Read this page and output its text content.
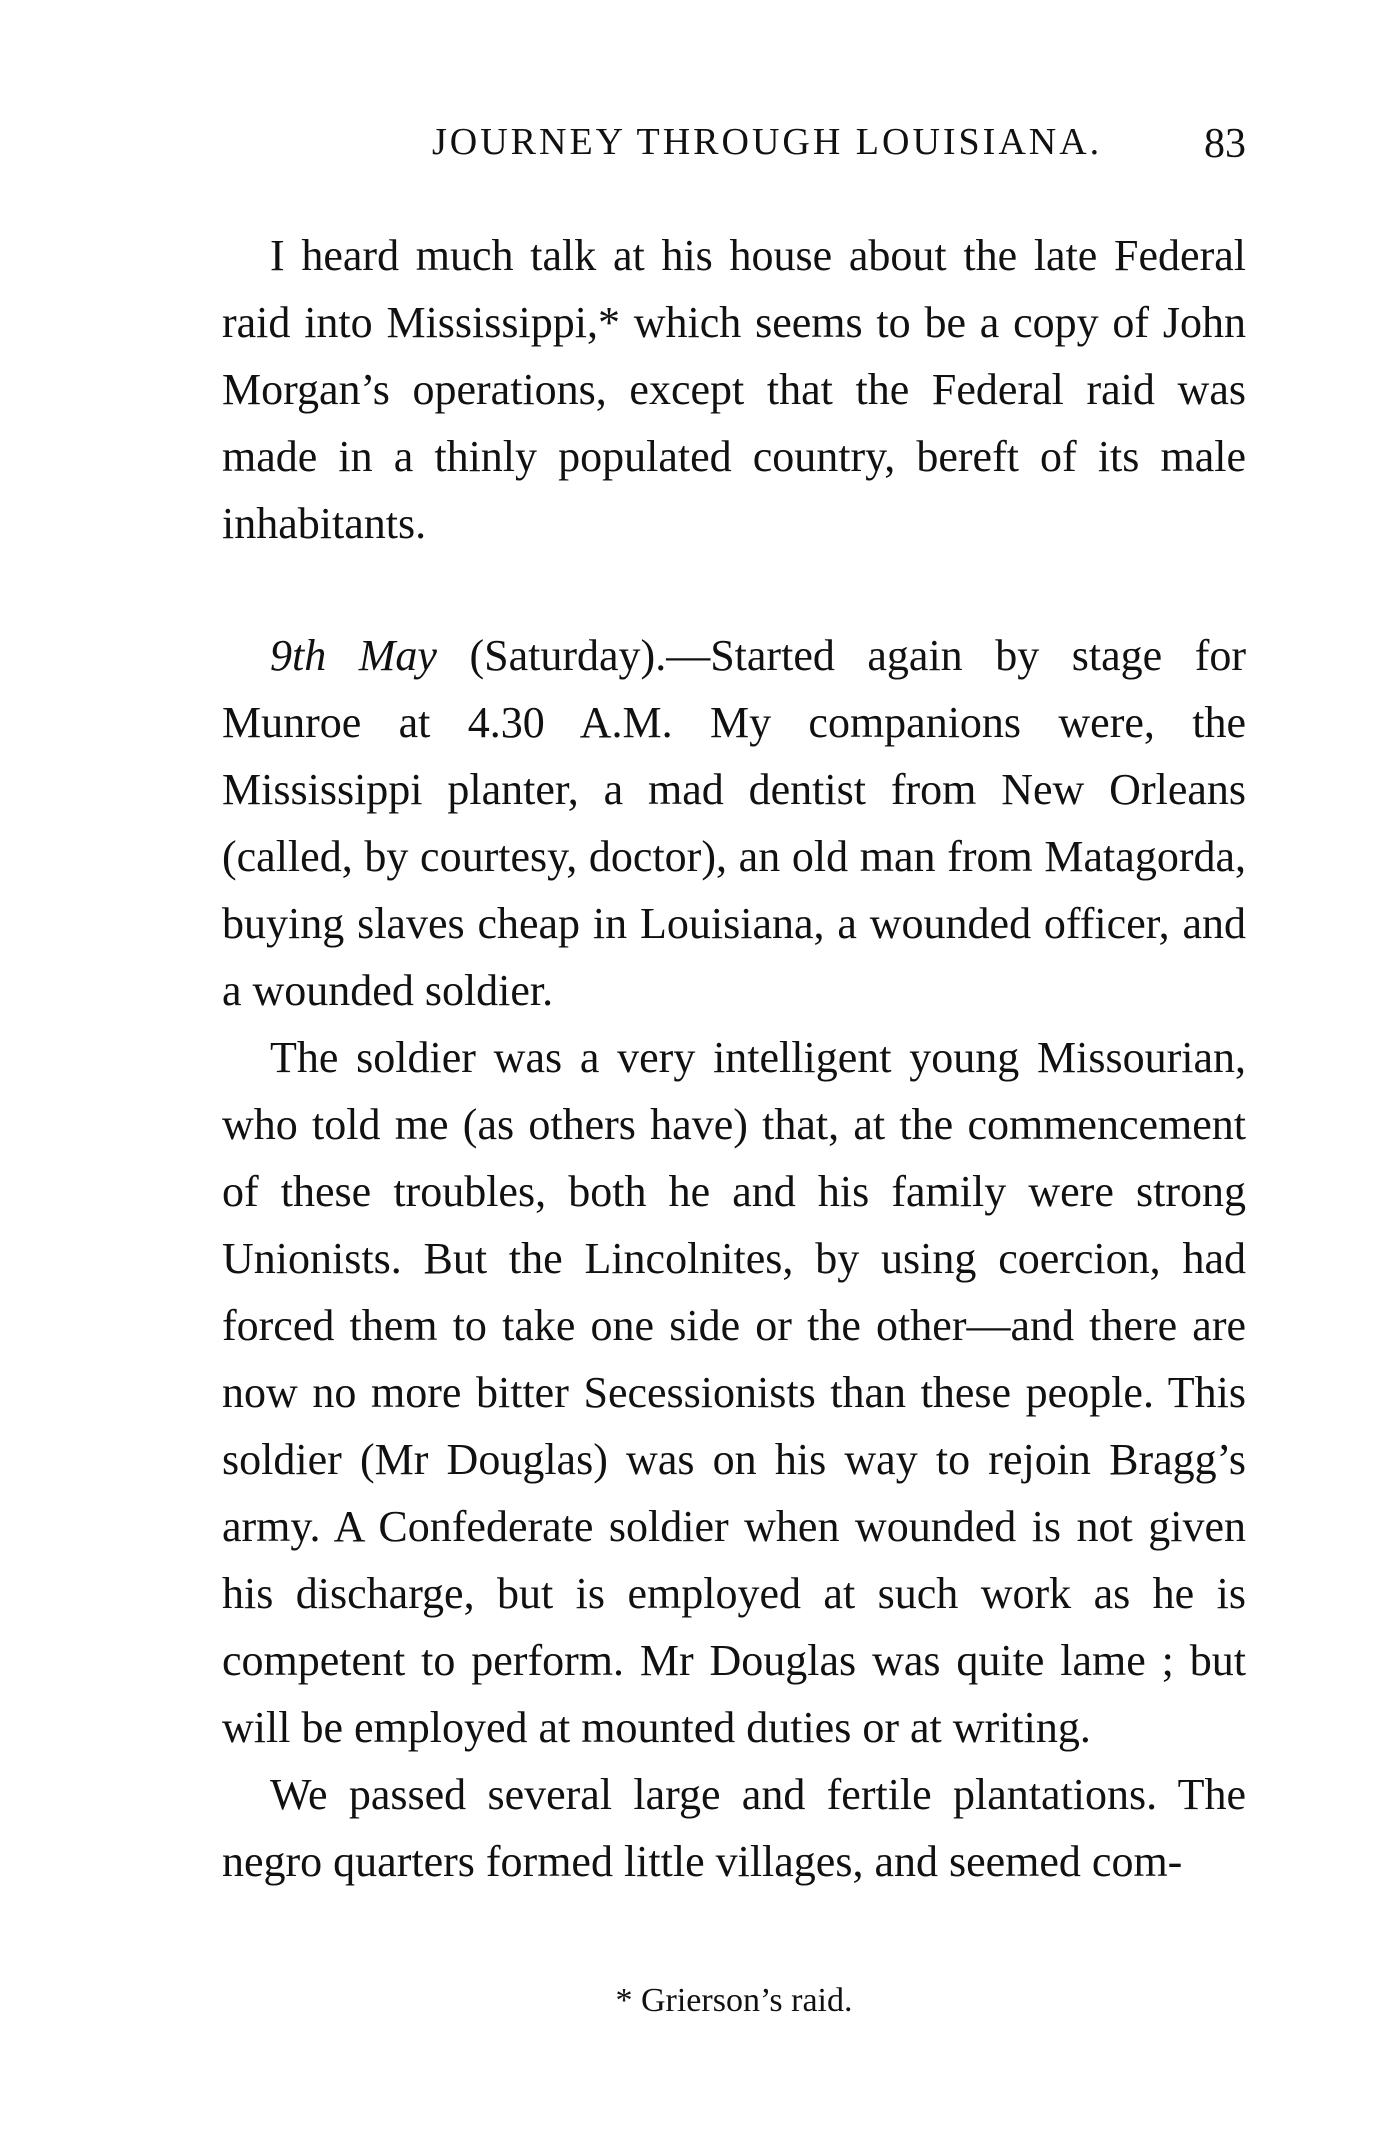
JOURNEY THROUGH LOUISIANA. 83

I heard much talk at his house about the late Federal raid into Mississippi,* which seems to be a copy of John Morgan’s operations, except that the Federal raid was made in a thinly populated country, bereft of its male inhabitants.

9th May (Saturday).—Started again by stage for Munroe at 4.30 A.M. My companions were, the Mississippi planter, a mad dentist from New Orleans (called, by courtesy, doctor), an old man from Matagorda, buying slaves cheap in Louisiana, a wounded officer, and a wounded soldier.

The soldier was a very intelligent young Missourian, who told me (as others have) that, at the commencement of these troubles, both he and his family were strong Unionists. But the Lincolnites, by using coercion, had forced them to take one side or the other—and there are now no more bitter Secessionists than these people. This soldier (Mr Douglas) was on his way to rejoin Bragg’s army. A Confederate soldier when wounded is not given his discharge, but is employed at such work as he is competent to perform. Mr Douglas was quite lame ; but will be employed at mounted duties or at writing.

We passed several large and fertile plantations. The negro quarters formed little villages, and seemed com-

* Grierson’s raid.
